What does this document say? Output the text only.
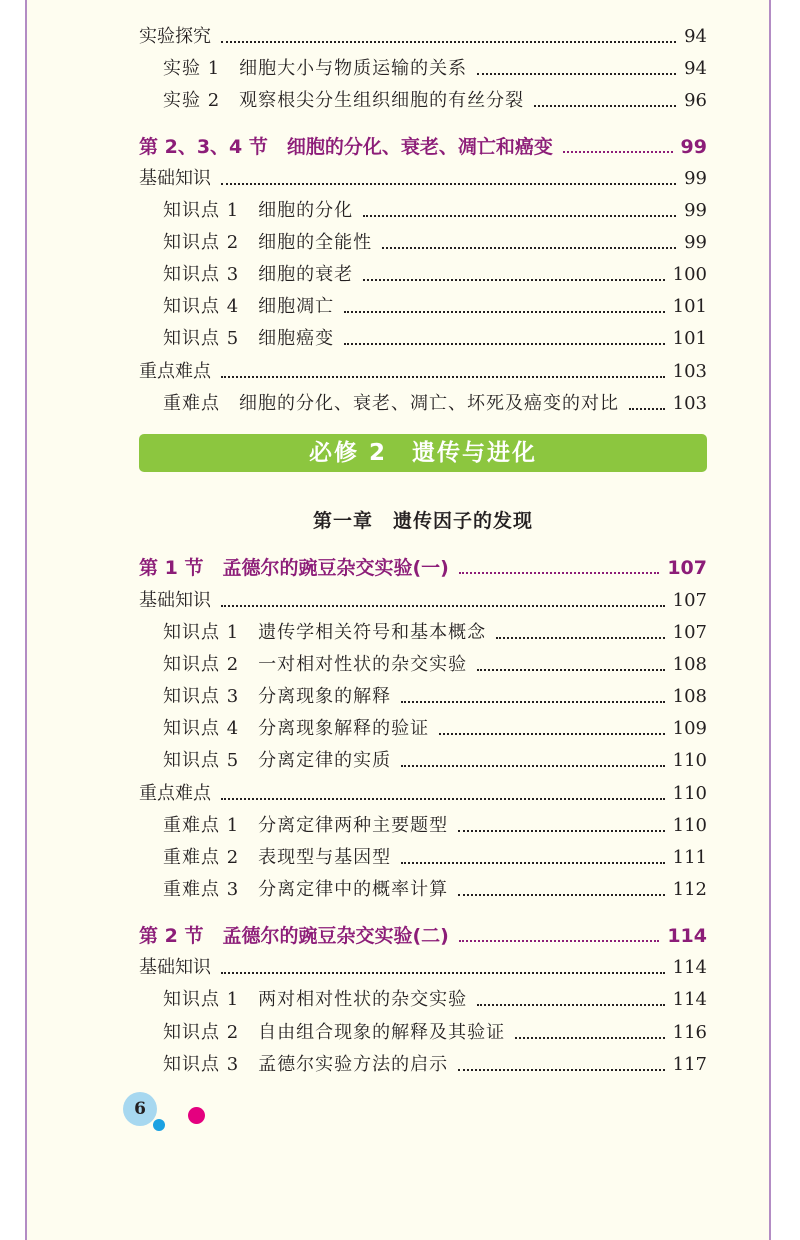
实验探究	94
实验 1　细胞大小与物质运输的关系	94
实验 2　观察根尖分生组织细胞的有丝分裂	96
第 2、3、4 节　细胞的分化、衰老、凋亡和癌变	99
基础知识	99
知识点 1　细胞的分化	99
知识点 2　细胞的全能性	99
知识点 3　细胞的衰老	100
知识点 4　细胞凋亡	101
知识点 5　细胞癌变	101
重点难点	103
重难点　细胞的分化、衰老、凋亡、坏死及癌变的对比	103
必修 2　遗传与进化
第一章　遗传因子的发现
第 1 节　孟德尔的豌豆杂交实验(一)	107
基础知识	107
知识点 1　遗传学相关符号和基本概念	107
知识点 2　一对相对性状的杂交实验	108
知识点 3　分离现象的解释	108
知识点 4　分离现象解释的验证	109
知识点 5　分离定律的实质	110
重点难点	110
重难点 1　分离定律两种主要题型	110
重难点 2　表现型与基因型	111
重难点 3　分离定律中的概率计算	112
第 2 节　孟德尔的豌豆杂交实验(二)	114
基础知识	114
知识点 1　两对相对性状的杂交实验	114
知识点 2　自由组合现象的解释及其验证	116
知识点 3　孟德尔实验方法的启示	117
6
